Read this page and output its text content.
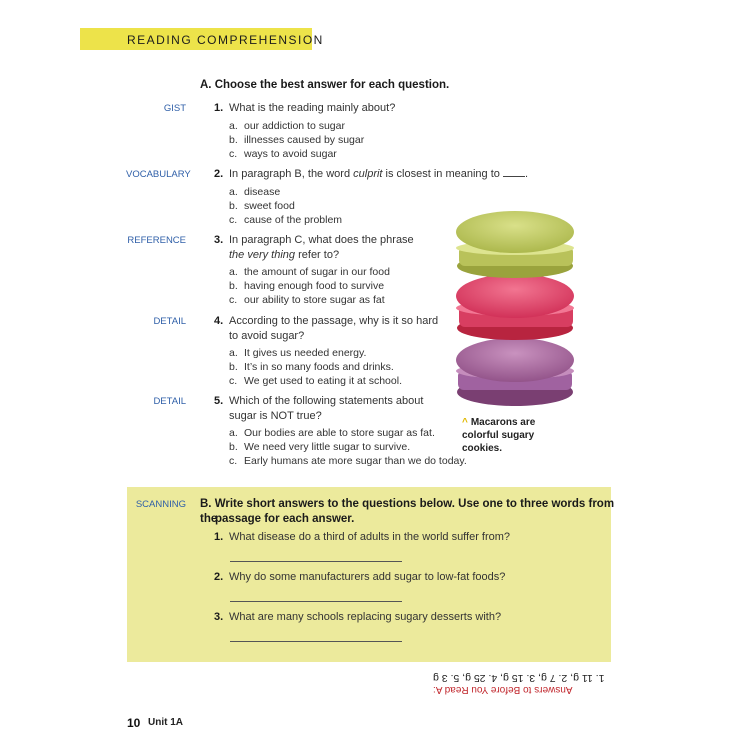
READING COMPREHENSION
A. Choose the best answer for each question.
GIST	1. What is the reading mainly about?
a. our addiction to sugar
b. illnesses caused by sugar
c. ways to avoid sugar
VOCABULARY 2. In paragraph B, the word culprit is closest in meaning to .
a. disease
b. sweet food
c. cause of the problem
REFERENCE	3. In paragraph C, what does the phrase
the very thing refer to?
a. the amount of sugar in our food
b. having enough food to survive
c. our ability to store sugar as fat
DETAIL	4. According to the passage, why is it so hard
to avoid sugar?
a. It gives us needed energy.
b. It’s in so many foods and drinks.
c. We get used to eating it at school.
DETAIL	5. Which of the following statements about
sugar is NOT true?
a. Our bodies are able to store sugar as fat.
b. We need very little sugar to survive.
c. Early humans ate more sugar than we do today.
^ Macarons are
colorful sugary
cookies.
SCANNING B. Write short answers to the questions below. Use one to three words from the
passage for each answer.
1. What disease do a third of adults in the world suffer from?
2. Why do some manufacturers add sugar to low-fat foods?
3. What are many schools replacing sugary desserts with?
Answers to Before You Read A:
1. 11 g, 2. 7 g, 3. 15 g, 4. 25 g, 5. 3 g
10 Unit 1A
